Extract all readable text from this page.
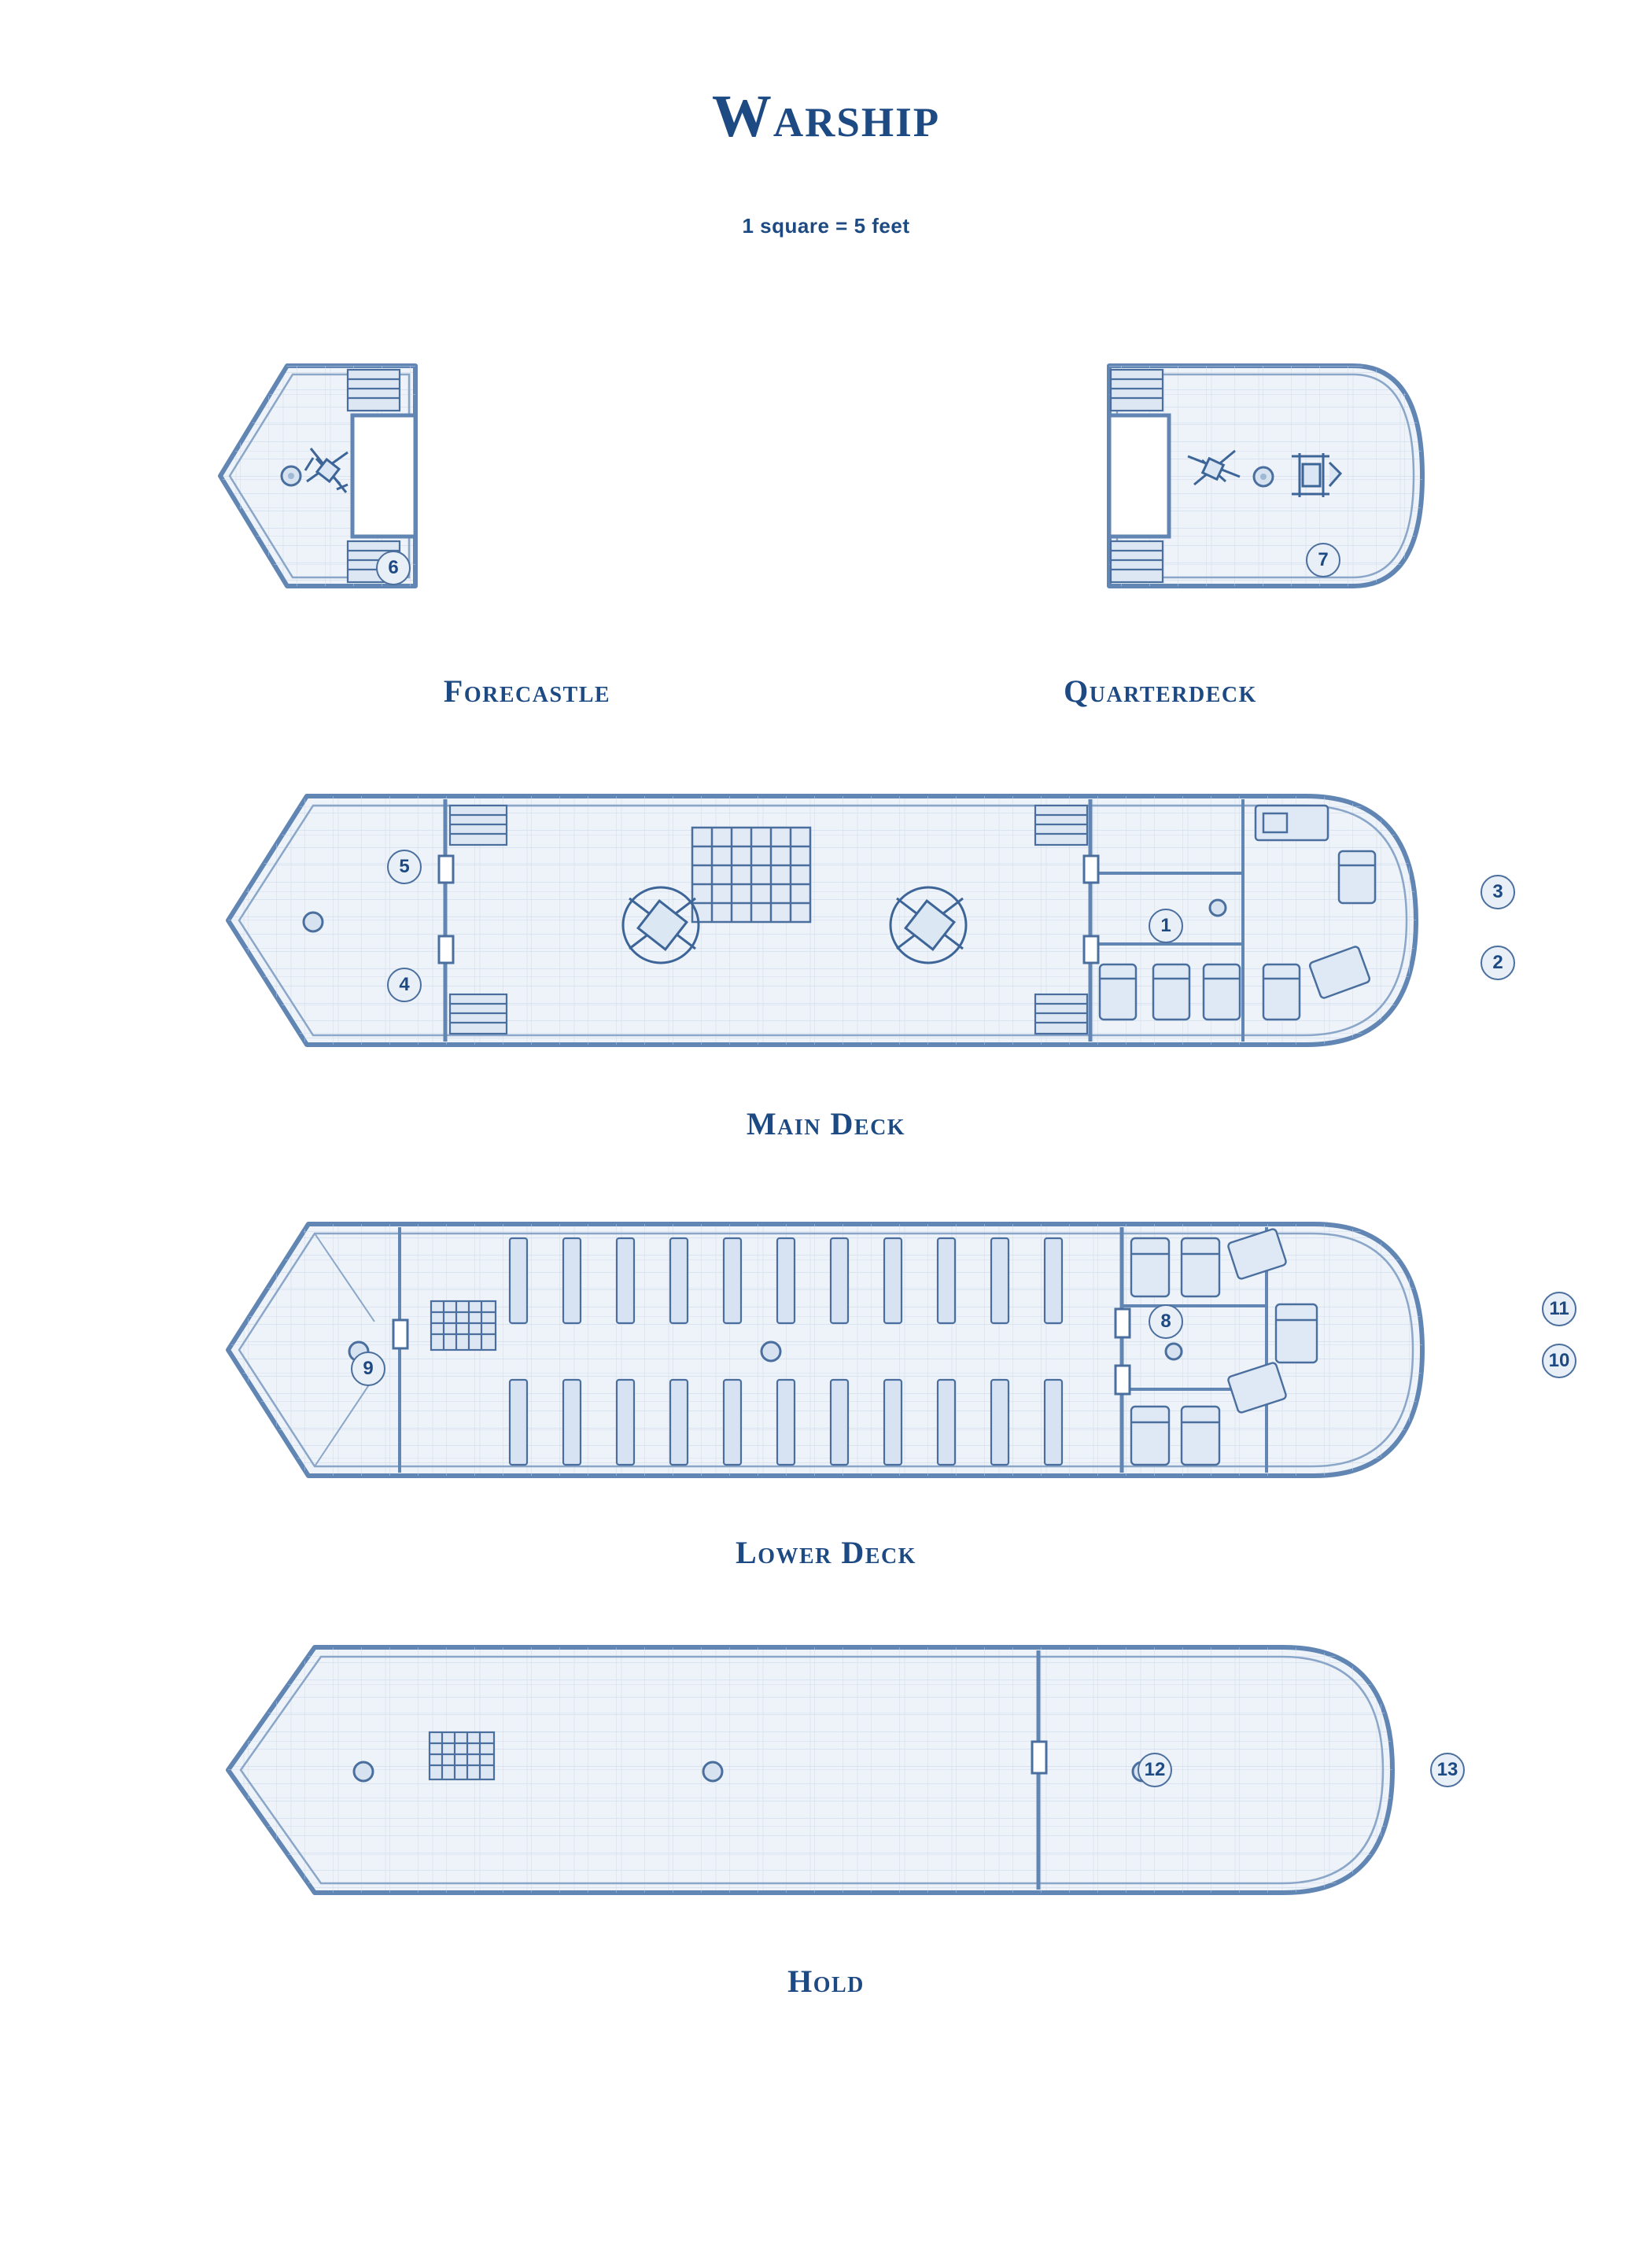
Warship
1 square = 5 feet
6
Forecastle
7
Quarterdeck
5
4
1
3
2
Main Deck
9
8
11
10
Lower Deck
12	13
Hold
